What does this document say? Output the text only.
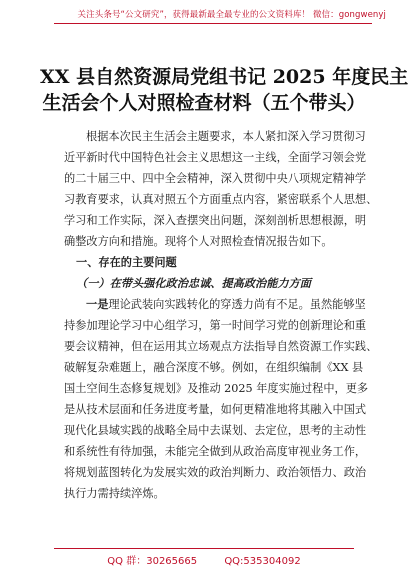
关注头条号“公文研究”，获得最新最全最专业的公文资料库！ 微信：gongwenyj
XX 县自然资源局党组书记 2025 年度民主
生活会个人对照检查材料（五个带头）
根据本次民主生活会主题要求，本人紧扣深入学习贯彻习
近平新时代中国特色社会主义思想这一主线，全面学习领会党
的二十届三中、四中全会精神，深入贯彻中央八项规定精神学
习教育要求，认真对照五个方面重点内容，紧密联系个人思想、
学习和工作实际，深入查摆突出问题，深刻剖析思想根源，明
确整改方向和措施。现将个人对照检查情况报告如下。
一、存在的主要问题
（一）在带头强化政治忠诚、提高政治能力方面
一是理论武装向实践转化的穿透力尚有不足。虽然能够坚
持参加理论学习中心组学习，第一时间学习党的创新理论和重
要会议精神，但在运用其立场观点方法指导自然资源工作实践、
破解复杂难题上，融合深度不够。例如，在组织编制《XX 县
国土空间生态修复规划》及推动 2025 年度实施过程中，更多
是从技术层面和任务进度考量，如何更精准地将其融入中国式
现代化县域实践的战略全局中去谋划、去定位，思考的主动性
和系统性有待加强，未能完全做到从政治高度审视业务工作，
将规划蓝图转化为发展实效的政治判断力、政治领悟力、政治
执行力需持续淬炼。
QQ 群：30265665	QQ:535304092
